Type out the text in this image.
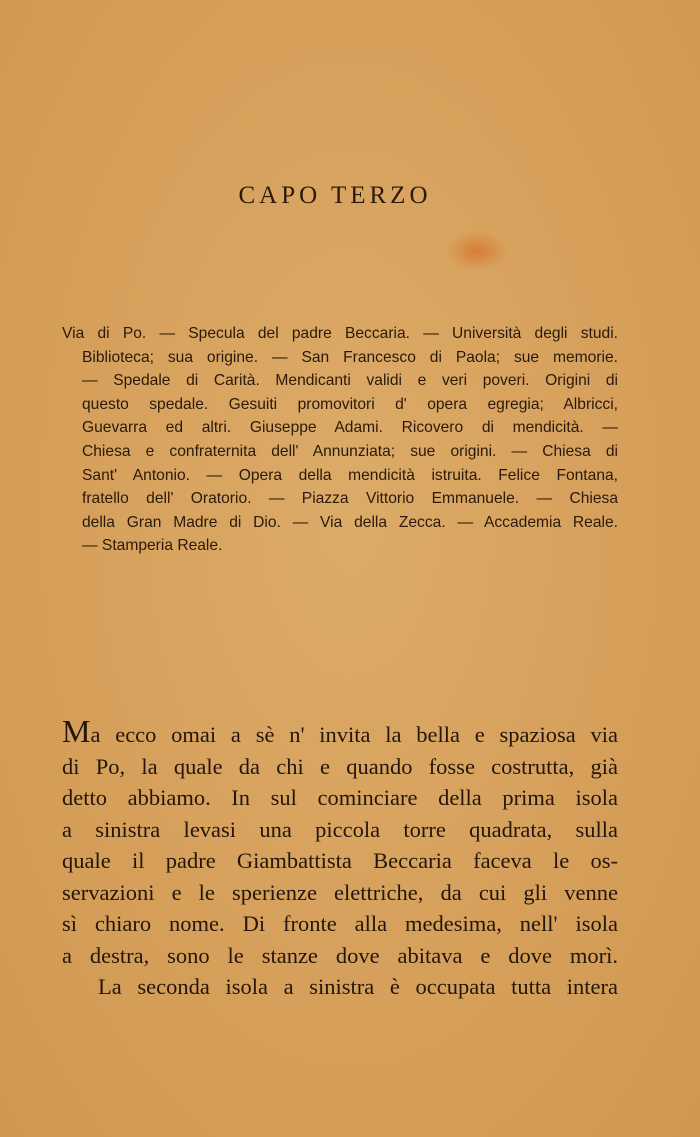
CAPO TERZO
Via di Po. — Specula del padre Beccaria. — Università degli studi.
Biblioteca; sua origine. — San Francesco di Paola; sue memorie.
— Spedale di Carità. Mendicanti validi e veri poveri. Origini di
questo spedale. Gesuiti promovitori d' opera egregia; Albricci,
Guevarra ed altri. Giuseppe Adami. Ricovero di mendicità. —
Chiesa e confraternita dell' Annunziata; sue origini. — Chiesa di
Sant' Antonio. — Opera della mendicità istruita. Felice Fontana,
fratello dell' Oratorio. — Piazza Vittorio Emmanuele. — Chiesa
della Gran Madre di Dio. — Via della Zecca. — Accademia Reale.
— Stamperia Reale.
Ma ecco omai a sè n' invita la bella e spaziosa via
di Po, la quale da chi e quando fosse costrutta, già
detto abbiamo. In sul cominciare della prima isola
a sinistra levasi una piccola torre quadrata, sulla
quale il padre Giambattista Beccaria faceva le os-
servazioni e le sperienze elettriche, da cui gli venne
sì chiaro nome. Di fronte alla medesima, nell' isola
a destra, sono le stanze dove abitava e dove morì.
La seconda isola a sinistra è occupata tutta intera
